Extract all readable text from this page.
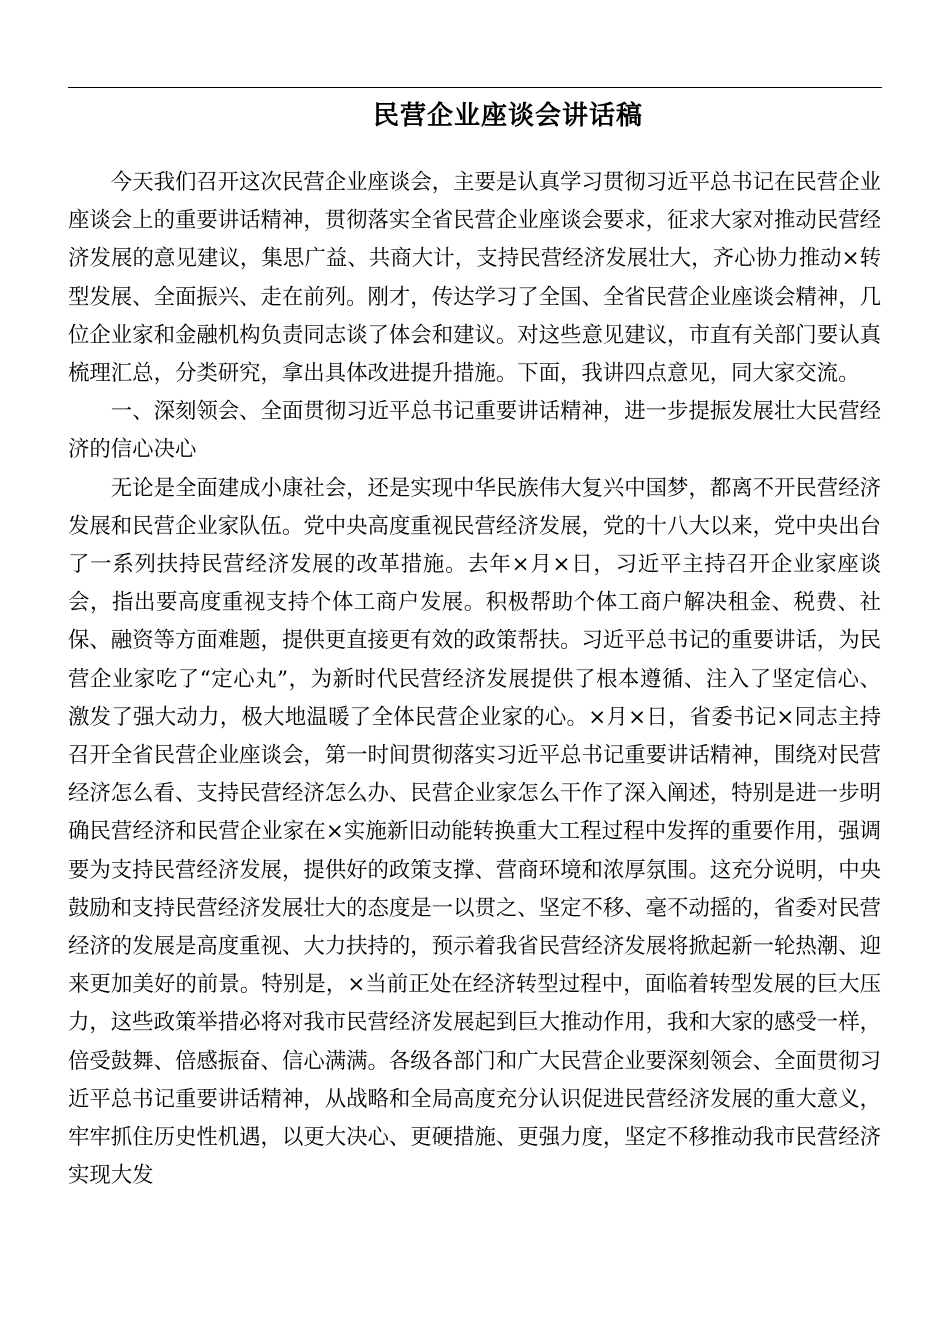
民营企业座谈会讲话稿

今天我们召开这次民营企业座谈会，主要是认真学习贯彻习近平总书记在民营企业座谈会上的重要讲话精神，贯彻落实全省民营企业座谈会要求，征求大家对推动民营经济发展的意见建议，集思广益、共商大计，支持民营经济发展壮大，齐心协力推动×转型发展、全面振兴、走在前列。刚才，传达学习了全国、全省民营企业座谈会精神，几位企业家和金融机构负责同志谈了体会和建议。对这些意见建议，市直有关部门要认真梳理汇总，分类研究，拿出具体改进提升措施。下面，我讲四点意见，同大家交流。

一、深刻领会、全面贯彻习近平总书记重要讲话精神，进一步提振发展壮大民营经济的信心决心

无论是全面建成小康社会，还是实现中华民族伟大复兴中国梦，都离不开民营经济发展和民营企业家队伍。党中央高度重视民营经济发展，党的十八大以来，党中央出台了一系列扶持民营经济发展的改革措施。去年×月×日，习近平主持召开企业家座谈会，指出要高度重视支持个体工商户发展。积极帮助个体工商户解决租金、税费、社保、融资等方面难题，提供更直接更有效的政策帮扶。习近平总书记的重要讲话，为民营企业家吃了“定心丸”，为新时代民营经济发展提供了根本遵循、注入了坚定信心、激发了强大动力，极大地温暖了全体民营企业家的心。×月×日，省委书记×同志主持召开全省民营企业座谈会，第一时间贯彻落实习近平总书记重要讲话精神，围绕对民营经济怎么看、支持民营经济怎么办、民营企业家怎么干作了深入阐述，特别是进一步明确民营经济和民营企业家在×实施新旧动能转换重大工程过程中发挥的重要作用，强调要为支持民营经济发展，提供好的政策支撑、营商环境和浓厚氛围。这充分说明，中央鼓励和支持民营经济发展壮大的态度是一以贯之、坚定不移、毫不动摇的，省委对民营经济的发展是高度重视、大力扶持的，预示着我省民营经济发展将掀起新一轮热潮、迎来更加美好的前景。特别是，×当前正处在经济转型过程中，面临着转型发展的巨大压力，这些政策举措必将对我市民营经济发展起到巨大推动作用，我和大家的感受一样，倍受鼓舞、倍感振奋、信心满满。各级各部门和广大民营企业要深刻领会、全面贯彻习近平总书记重要讲话精神，从战略和全局高度充分认识促进民营经济发展的重大意义，牢牢抓住历史性机遇，以更大决心、更硬措施、更强力度，坚定不移推动我市民营经济实现大发
